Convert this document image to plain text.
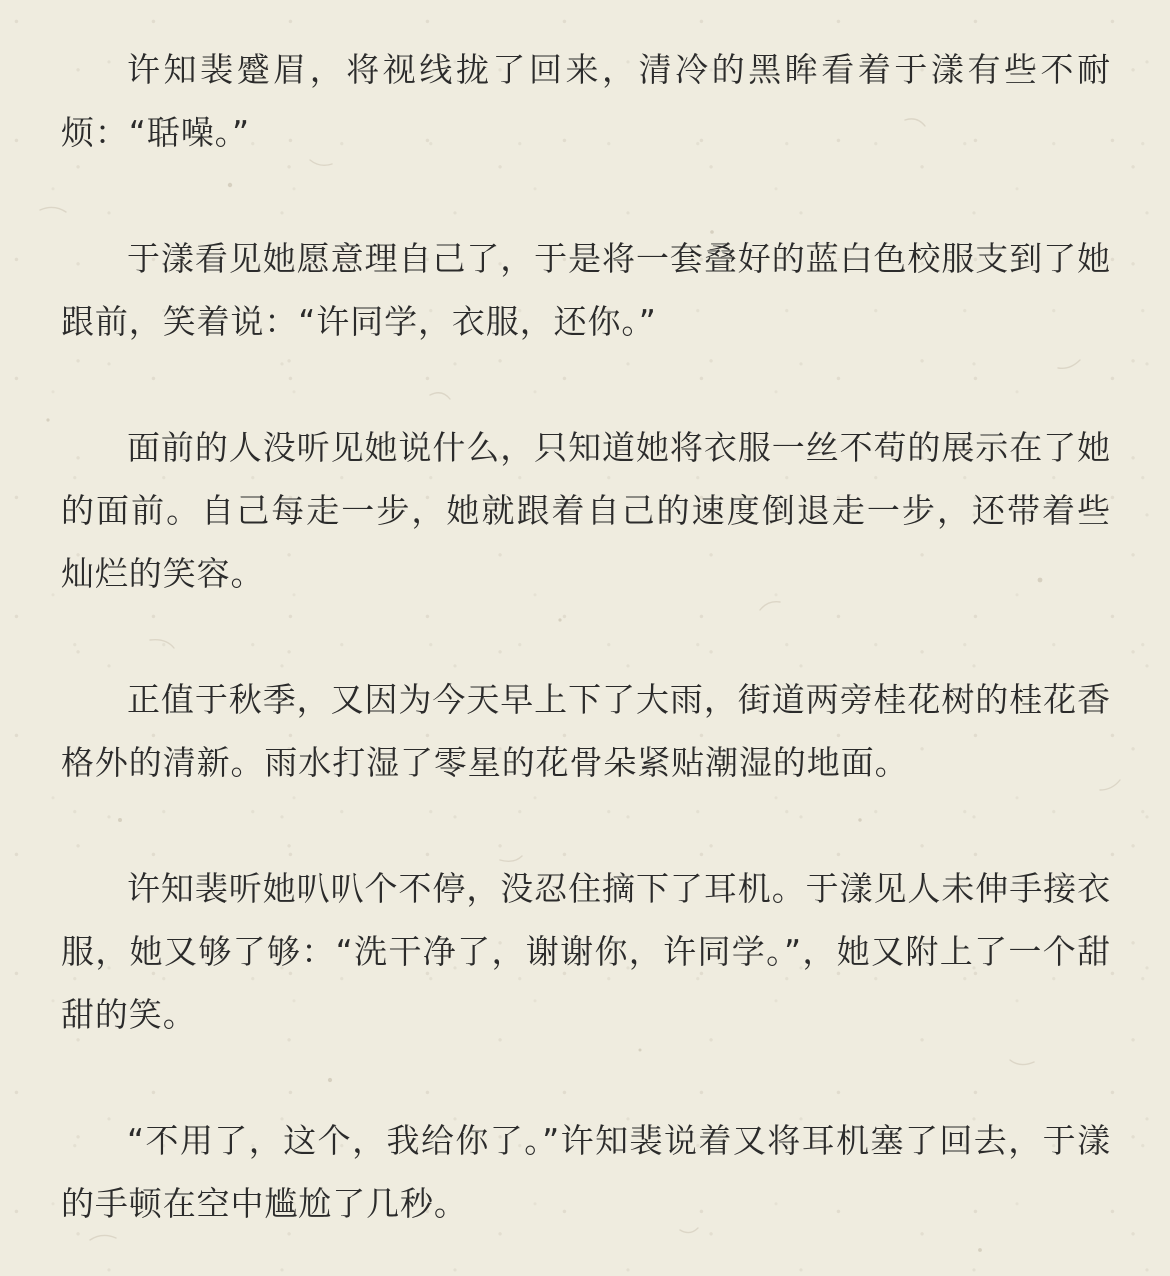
许知裴蹙眉，将视线拢了回来，清冷的黑眸看着于漾有些不耐烦：“聒噪。”

于漾看见她愿意理自己了，于是将一套叠好的蓝白色校服支到了她跟前，笑着说：“许同学，衣服，还你。”

面前的人没听见她说什么，只知道她将衣服一丝不苟的展示在了她的面前。自己每走一步，她就跟着自己的速度倒退走一步，还带着些灿烂的笑容。

正值于秋季，又因为今天早上下了大雨，街道两旁桂花树的桂花香格外的清新。雨水打湿了零星的花骨朵紧贴潮湿的地面。

许知裴听她叭叭个不停，没忍住摘下了耳机。于漾见人未伸手接衣服，她又够了够：“洗干净了，谢谢你，许同学。”，她又附上了一个甜甜的笑。

“不用了，这个，我给你了。”许知裴说着又将耳机塞了回去，于漾的手顿在空中尴尬了几秒。
